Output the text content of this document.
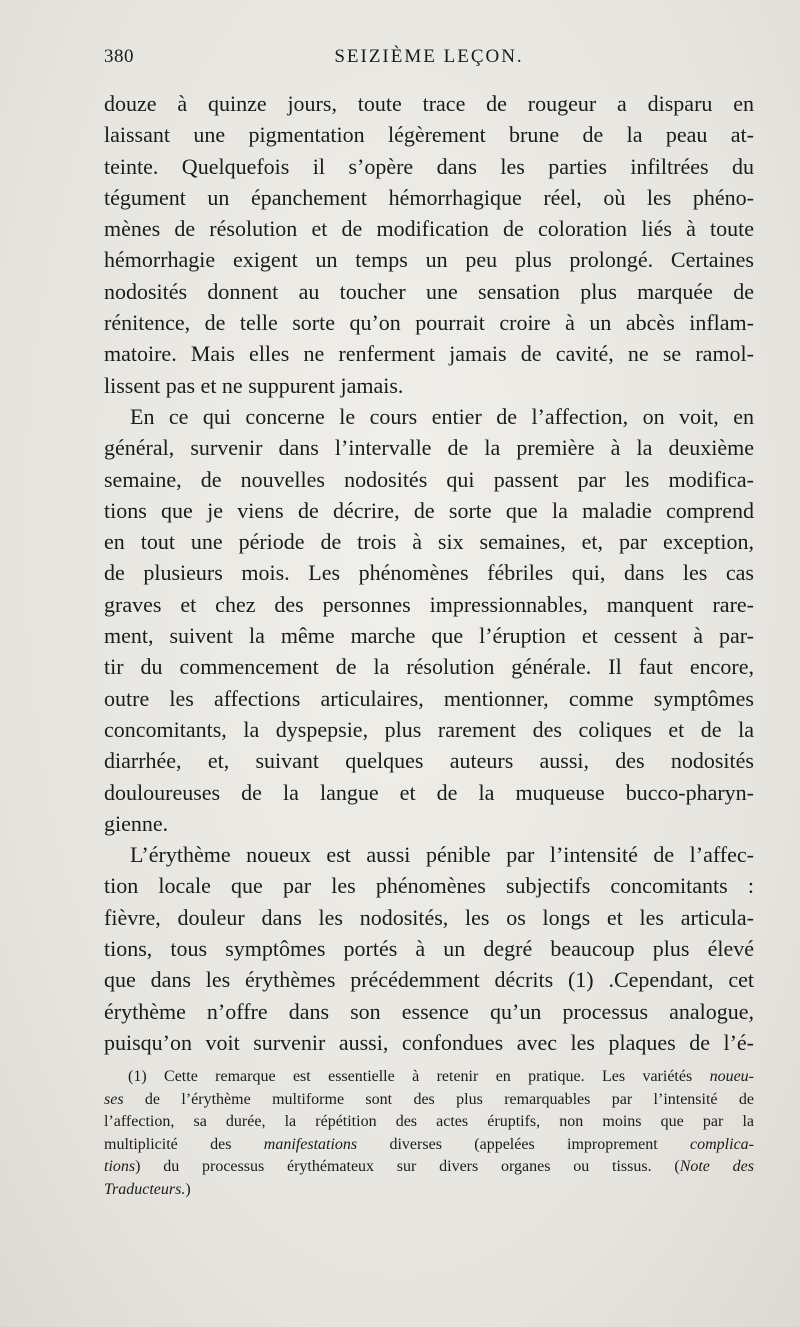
380	SEIZIÈME LEÇON.
douze à quinze jours, toute trace de rougeur a disparu en
laissant une pigmentation légèrement brune de la peau at-
teinte. Quelquefois il s’opère dans les parties infiltrées du
tégument un épanchement hémorrhagique réel, où les phéno-
mènes de résolution et de modification de coloration liés à toute
hémorrhagie exigent un temps un peu plus prolongé. Certaines
nodosités donnent au toucher une sensation plus marquée de
rénitence, de telle sorte qu’on pourrait croire à un abcès inflam-
matoire. Mais elles ne renferment jamais de cavité, ne se ramol-
lissent pas et ne suppurent jamais.
En ce qui concerne le cours entier de l’affection, on voit, en
général, survenir dans l’intervalle de la première à la deuxième
semaine, de nouvelles nodosités qui passent par les modifica-
tions que je viens de décrire, de sorte que la maladie comprend
en tout une période de trois à six semaines, et, par exception,
de plusieurs mois. Les phénomènes fébriles qui, dans les cas
graves et chez des personnes impressionnables, manquent rare-
ment, suivent la même marche que l’éruption et cessent à par-
tir du commencement de la résolution générale. Il faut encore,
outre les affections articulaires, mentionner, comme symptômes
concomitants, la dyspepsie, plus rarement des coliques et de la
diarrhée, et, suivant quelques auteurs aussi, des nodosités
douloureuses de la langue et de la muqueuse bucco-pharyn-
gienne.
L’érythème noueux est aussi pénible par l’intensité de l’affec-
tion locale que par les phénomènes subjectifs concomitants :
fièvre, douleur dans les nodosités, les os longs et les articula-
tions, tous symptômes portés à un degré beaucoup plus élevé
que dans les érythèmes précédemment décrits (1) .Cependant, cet
érythème n’offre dans son essence qu’un processus analogue,
puisqu’on voit survenir aussi, confondues avec les plaques de l’é-
(1) Cette remarque est essentielle à retenir en pratique. Les variétés noueu-
ses de l’érythème multiforme sont des plus remarquables par l’intensité de
l’affection, sa durée, la répétition des actes éruptifs, non moins que par la
multiplicité des manifestations diverses (appelées improprement complica-
tions) du processus érythémateux sur divers organes ou tissus. (Note des
Traducteurs.)
